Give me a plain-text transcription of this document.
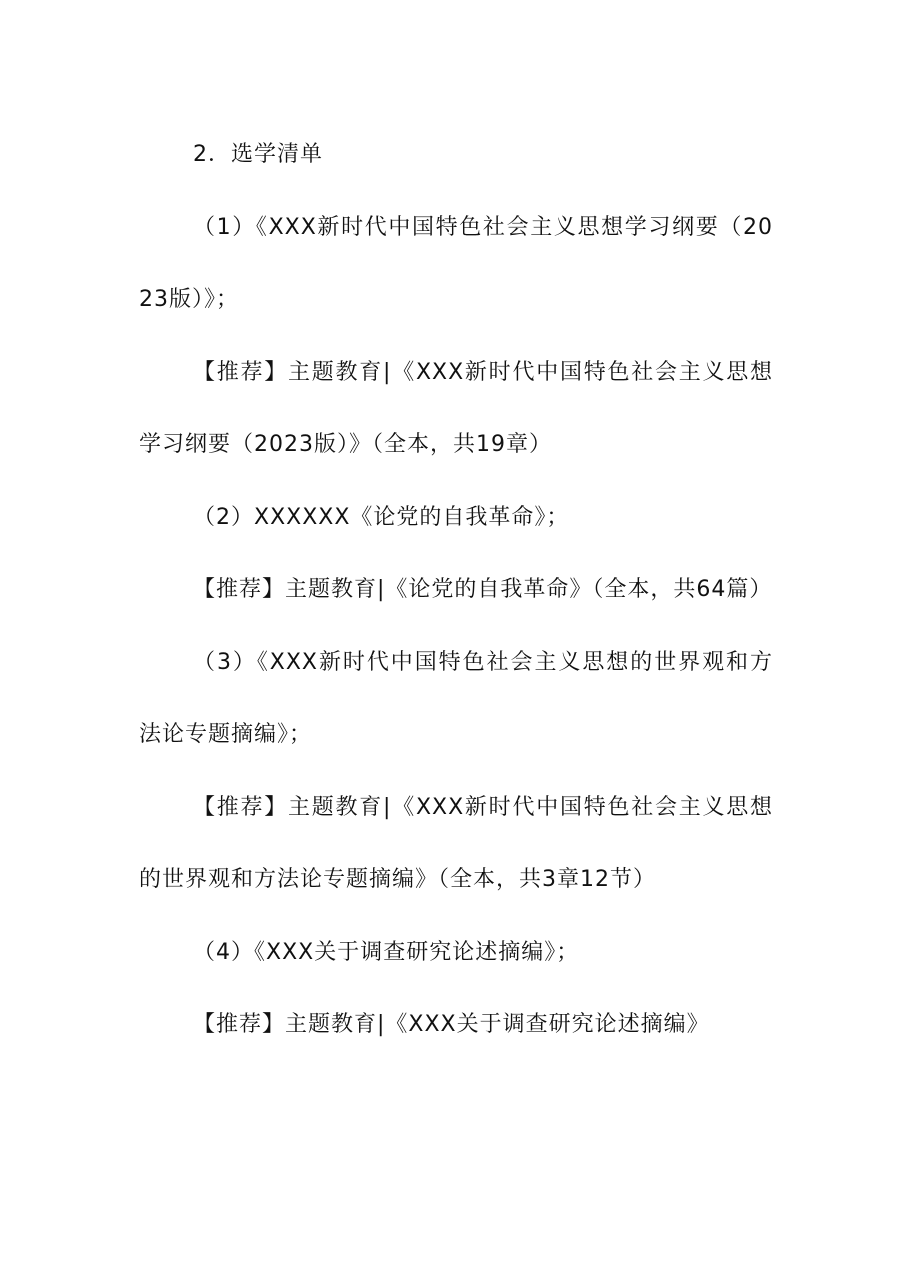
2．选学清单

（1）《XXX新时代中国特色社会主义思想学习纲要（2023版）》；

【推荐】主题教育|《XXX新时代中国特色社会主义思想学习纲要（2023版）》（全本，共19章）

（2）XXXXXX《论党的自我革命》；

【推荐】主题教育|《论党的自我革命》（全本，共64篇）

（3）《XXX新时代中国特色社会主义思想的世界观和方法论专题摘编》；

【推荐】主题教育|《XXX新时代中国特色社会主义思想的世界观和方法论专题摘编》（全本，共3章12节）

（4）《XXX关于调查研究论述摘编》；

【推荐】主题教育|《XXX关于调查研究论述摘编》
